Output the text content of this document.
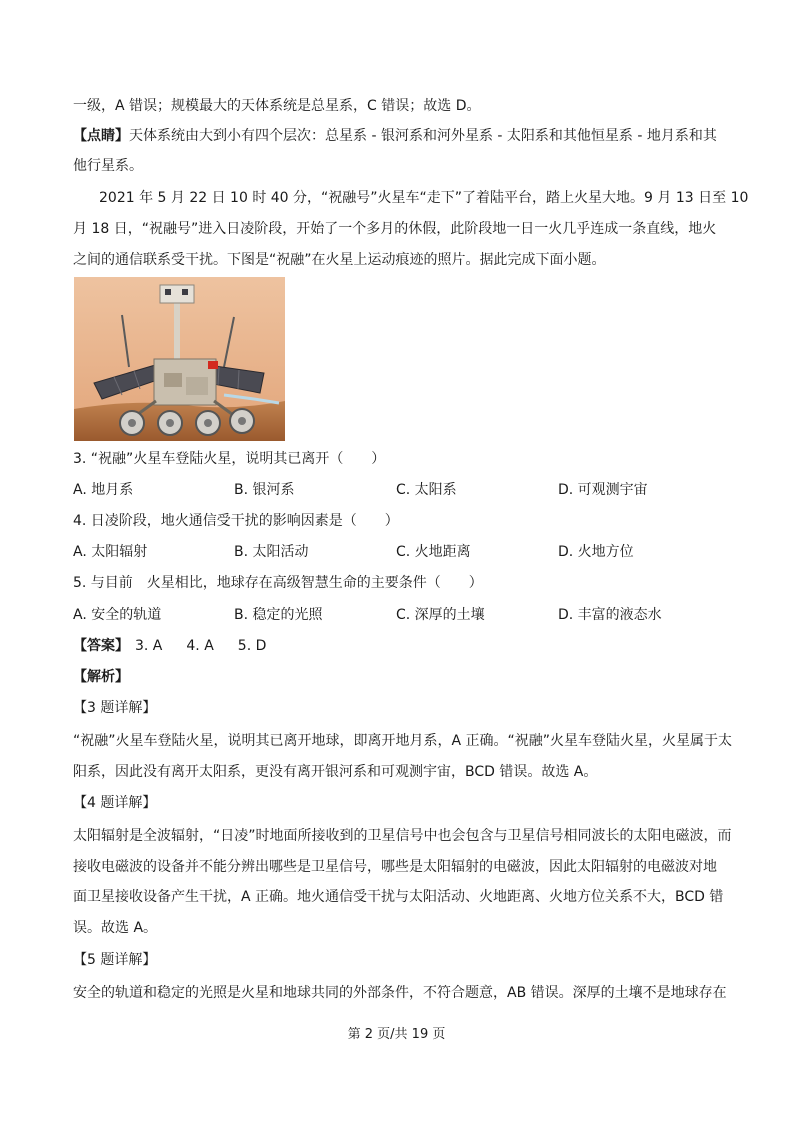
一级，A 错误；规模最大的天体系统是总星系，C 错误；故选 D。
【点睛】天体系统由大到小有四个层次：总星系 - 银河系和河外星系 - 太阳系和其他恒星系 - 地月系和其
他行星系。
2021 年 5 月 22 日 10 时 40 分，“祝融号”火星车“走下”了着陆平台，踏上火星大地。9 月 13 日至 10
月 18 日，“祝融号”进入日凌阶段，开始了一个多月的休假，此阶段地一日一火几乎连成一条直线，地火
之间的通信联系受干扰。下图是“祝融”在火星上运动痕迹的照片。据此完成下面小题。
3. “祝融”火星车登陆火星，说明其已离开（　　）
A. 地月系	B. 银河系	C. 太阳系	D. 可观测宇宙
4. 日凌阶段，地火通信受干扰的影响因素是（　　）
A. 太阳辐射	B. 太阳活动	C. 火地距离	D. 火地方位
5. 与目前　火星相比，地球存在高级智慧生命的主要条件（　　）
A. 安全的轨道	B. 稳定的光照	C. 深厚的土壤	D. 丰富的液态水
【答案】 3. A 4. A 5. D
【解析】
【3 题详解】
“祝融”火星车登陆火星，说明其已离开地球，即离开地月系，A 正确。“祝融”火星车登陆火星，火星属于太
阳系，因此没有离开太阳系，更没有离开银河系和可观测宇宙，BCD 错误。故选 A。
【4 题详解】
太阳辐射是全波辐射，“日凌”时地面所接收到的卫星信号中也会包含与卫星信号相同波长的太阳电磁波，而
接收电磁波的设备并不能分辨出哪些是卫星信号，哪些是太阳辐射的电磁波，因此太阳辐射的电磁波对地
面卫星接收设备产生干扰，A 正确。地火通信受干扰与太阳活动、火地距离、火地方位关系不大，BCD 错
误。故选 A。
【5 题详解】
安全的轨道和稳定的光照是火星和地球共同的外部条件，不符合题意，AB 错误。深厚的土壤不是地球存在
第 2 页/共 19 页
